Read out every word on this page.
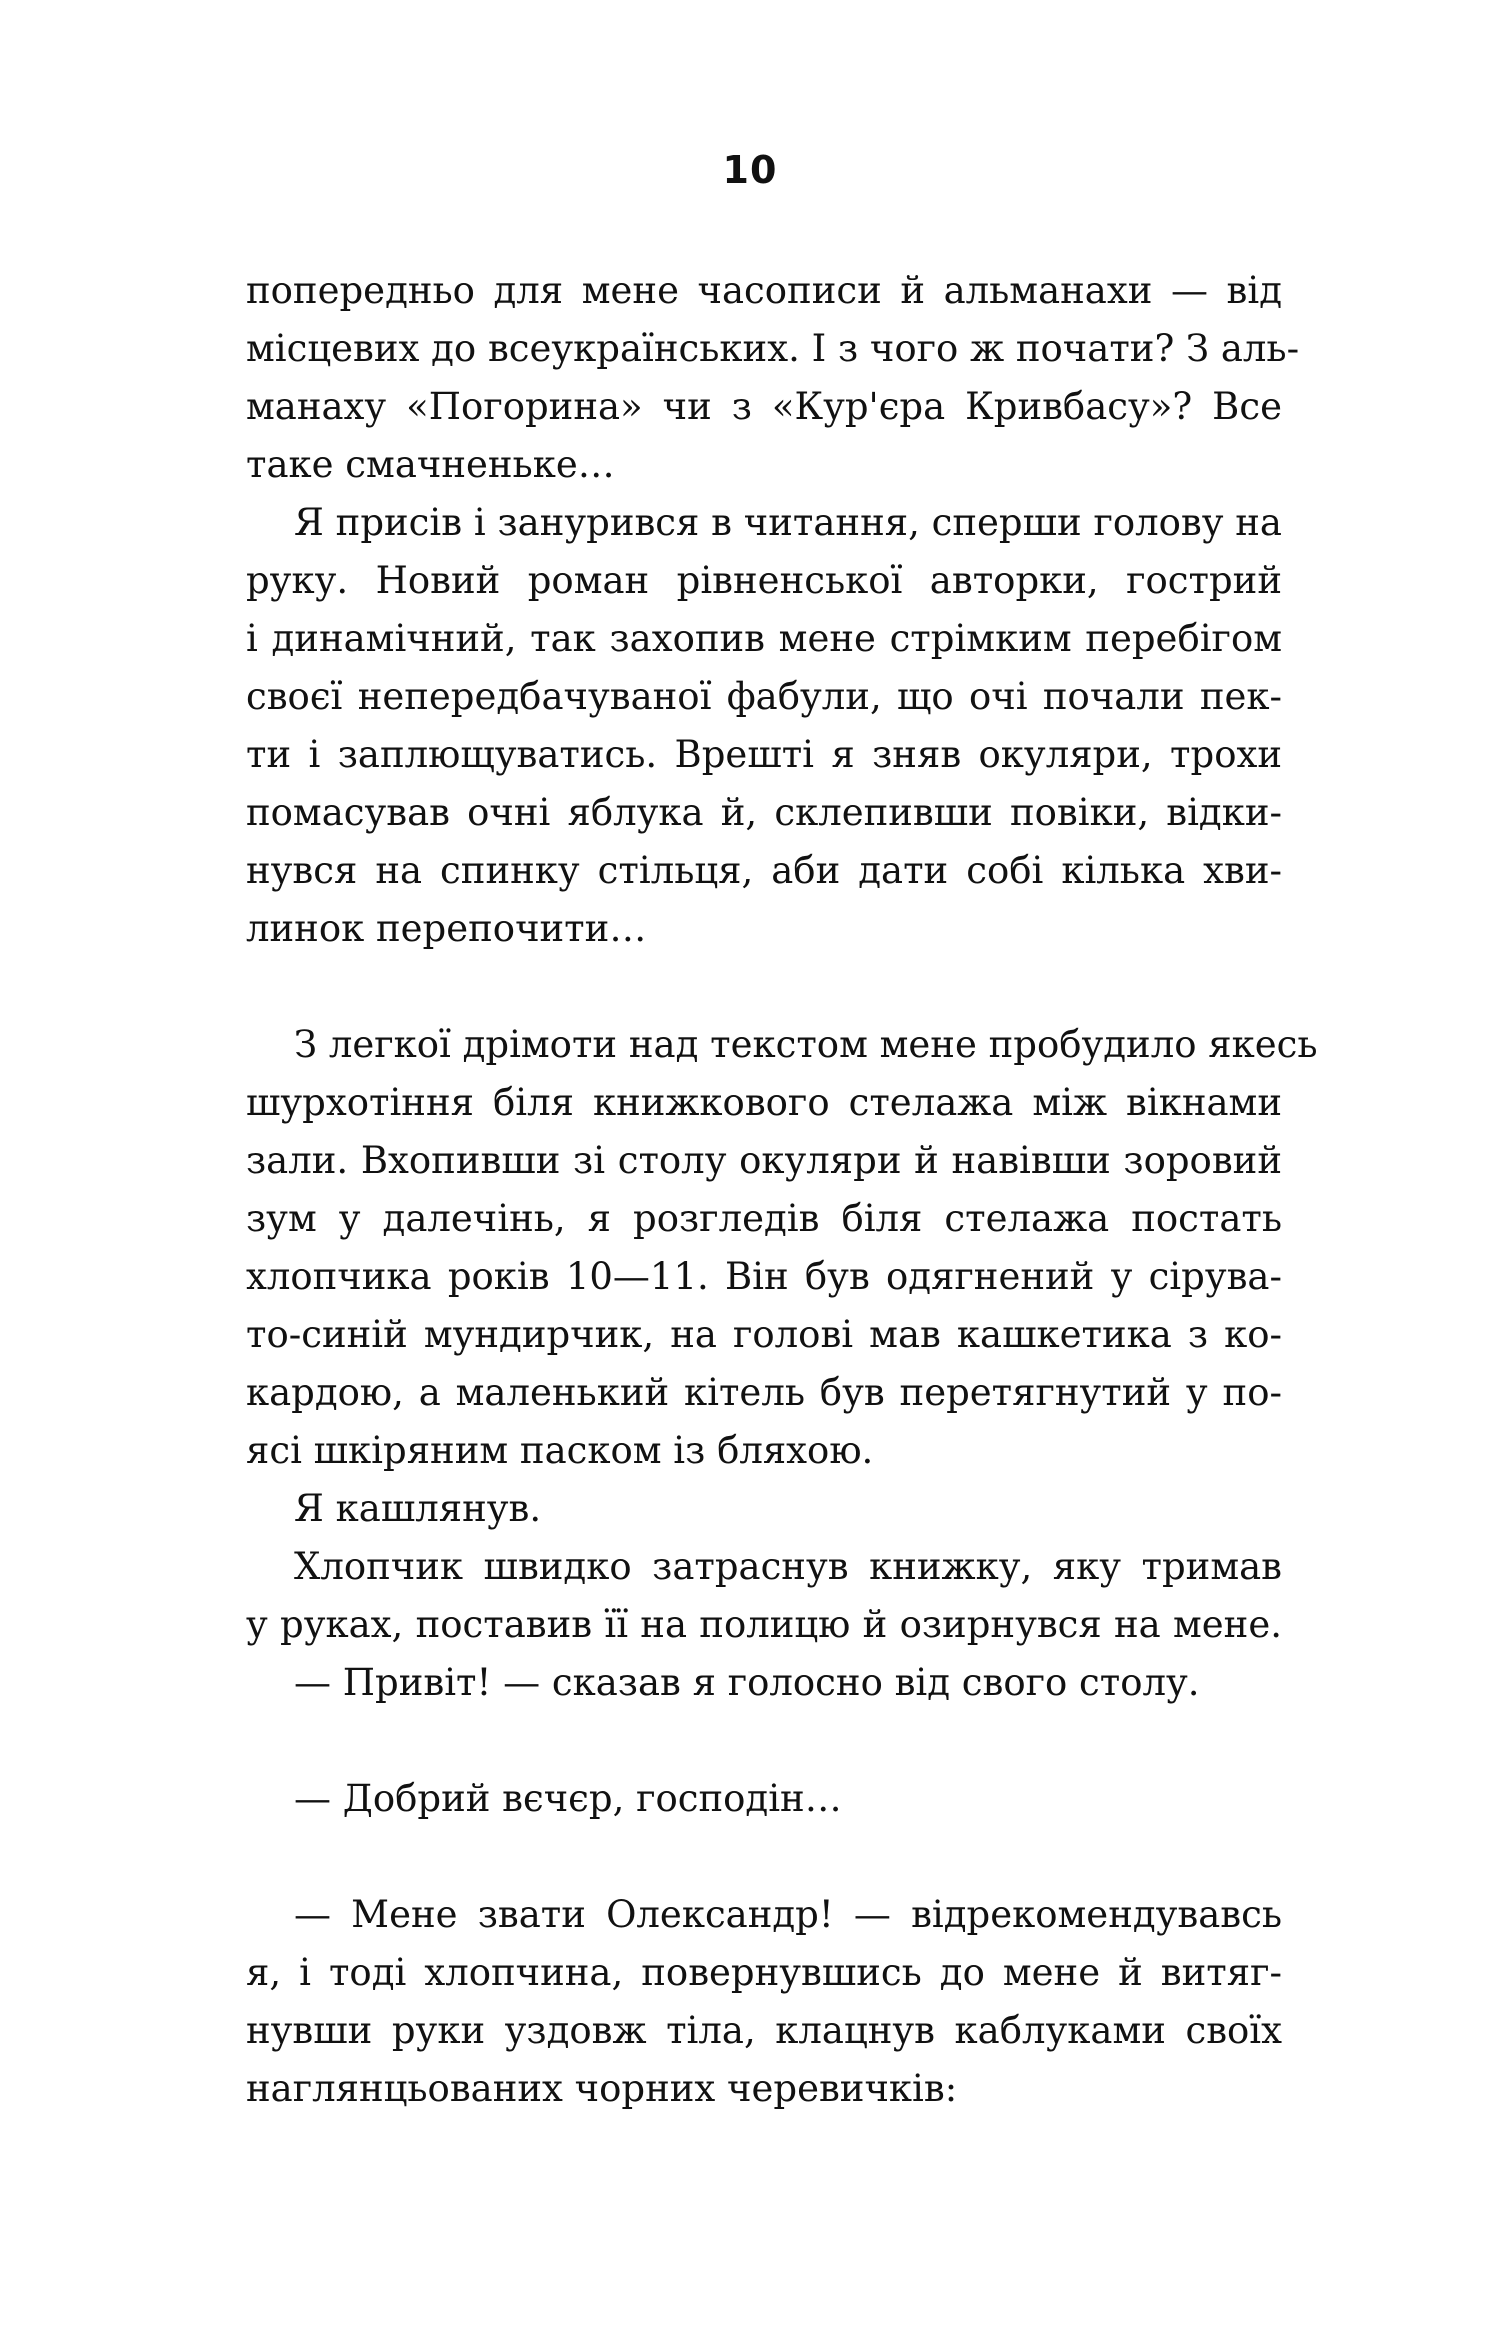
10
попередньо для мене часописи й альманахи — від
місцевих до всеукраїнських. І з чого ж почати? З аль-
манаху «Погорина» чи з «Кур'єра Кривбасу»? Все
таке смачненьке…
Я присів і занурився в читання, сперши голову на
руку. Новий роман рівненської авторки, гострий
і динамічний, так захопив мене стрімким перебігом
своєї непередбачуваної фабули, що очі почали пек-
ти і заплющуватись. Врешті я зняв окуляри, трохи
помасував очні яблука й, склепивши повіки, відки-
нувся на спинку стільця, аби дати собі кілька хви-
линок перепочити…
З легкої дрімоти над текстом мене пробудило якесь
шурхотіння біля книжкового стелажа між вікнами
зали. Вхопивши зі столу окуляри й навівши зоровий
зум у далечінь, я розгледів біля стелажа постать
хлопчика років 10—11. Він був одягнений у сірува-
то-синій мундирчик, на голові мав кашкетика з ко-
кардою, а маленький кітель був перетягнутий у по-
ясі шкіряним паском із бляхою.
Я кашлянув.
Хлопчик швидко затраснув книжку, яку тримав
у руках, поставив її на полицю й озирнувся на мене.
— Привіт! — сказав я голосно від свого столу.
— Добрий вєчєр, господін…
— Мене звати Олександр! — відрекомендувавсь
я, і тоді хлопчина, повернувшись до мене й витяг-
нувши руки уздовж тіла, клацнув каблуками своїх
наглянцьованих чорних черевичків:
